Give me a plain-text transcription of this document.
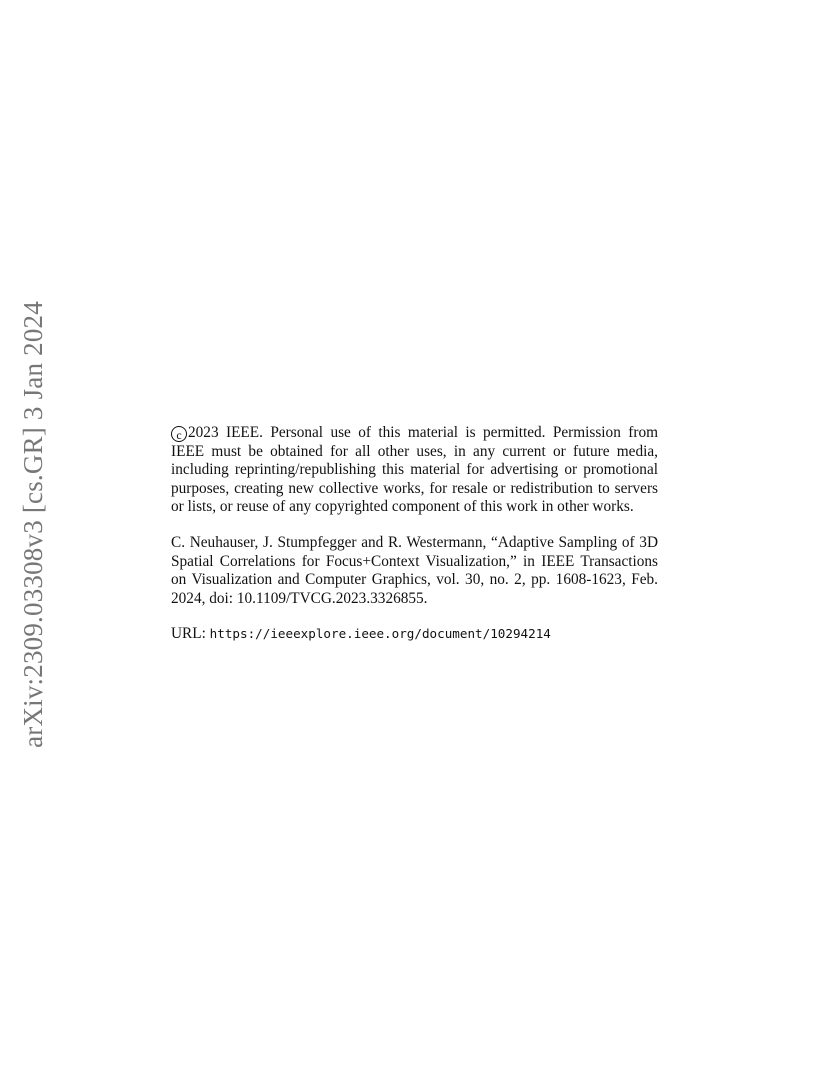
arXiv:2309.03308v3 [cs.GR] 3 Jan 2024	c 2023 IEEE. Personal use of this material is permitted. Permission from IEEE must be obtained for all other uses, in any current or future media, including reprinting/republishing this material for advertising or promotional purposes, creating new collective works, for resale or redistribution to servers or lists, or reuse of any copyrighted component of this work in other works.

C. Neuhauser, J. Stumpfegger and R. Westermann, “Adaptive Sampling of 3D Spatial Correlations for Focus+Context Visualization,” in IEEE Transactions on Visualization and Computer Graphics, vol. 30, no. 2, pp. 1608-1623, Feb. 2024, doi: 10.1109/TVCG.2023.3326855.

URL: https://ieeexplore.ieee.org/document/10294214
